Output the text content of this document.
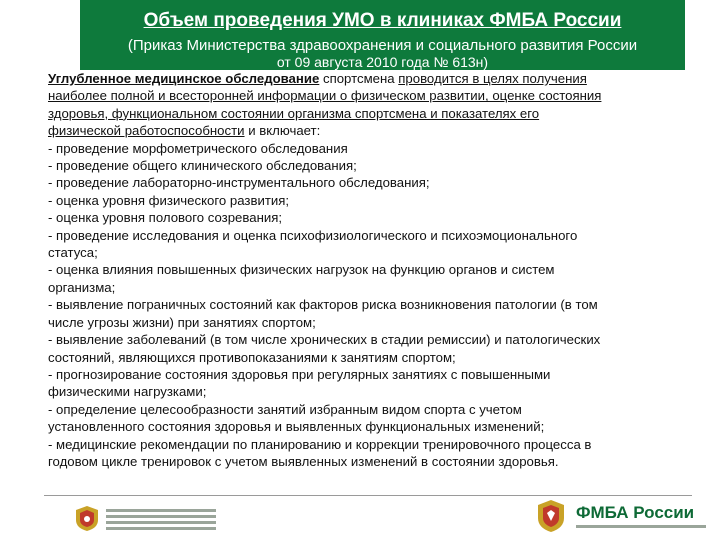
Объем проведения УМО в клиниках ФМБА России
(Приказ Министерства здравоохранения и социального развития России
от 09 августа 2010 года № 613н)
Углубленное медицинское обследование спортсмена проводится в целях получения
наиболее полной и всесторонней информации о физическом развитии, оценке состояния
здоровья, функциональном состоянии организма спортсмена и показателях его
физической работоспособности и включает:
- проведение морфометрического обследования
- проведение общего клинического обследования;
- проведение лабораторно-инструментального обследования;
- оценка уровня физического развития;
- оценка уровня полового созревания;
- проведение исследования и оценка психофизиологического и психоэмоционального
статуса;
- оценка влияния повышенных физических нагрузок на функцию органов и систем
организма;
- выявление пограничных состояний как факторов риска возникновения патологии (в том
числе угрозы жизни) при занятиях спортом;
- выявление заболеваний (в том числе хронических в стадии ремиссии) и патологических
состояний, являющихся противопоказаниями к занятиям спортом;
- прогнозирование состояния здоровья при регулярных занятиях с повышенными
физическими нагрузками;
- определение целесообразности занятий избранным видом спорта с учетом
установленного состояния здоровья и выявленных функциональных изменений;
- медицинские рекомендации по планированию и коррекции тренировочного процесса в
годовом цикле тренировок с учетом выявленных изменений в состоянии здоровья.
ФМБА России
